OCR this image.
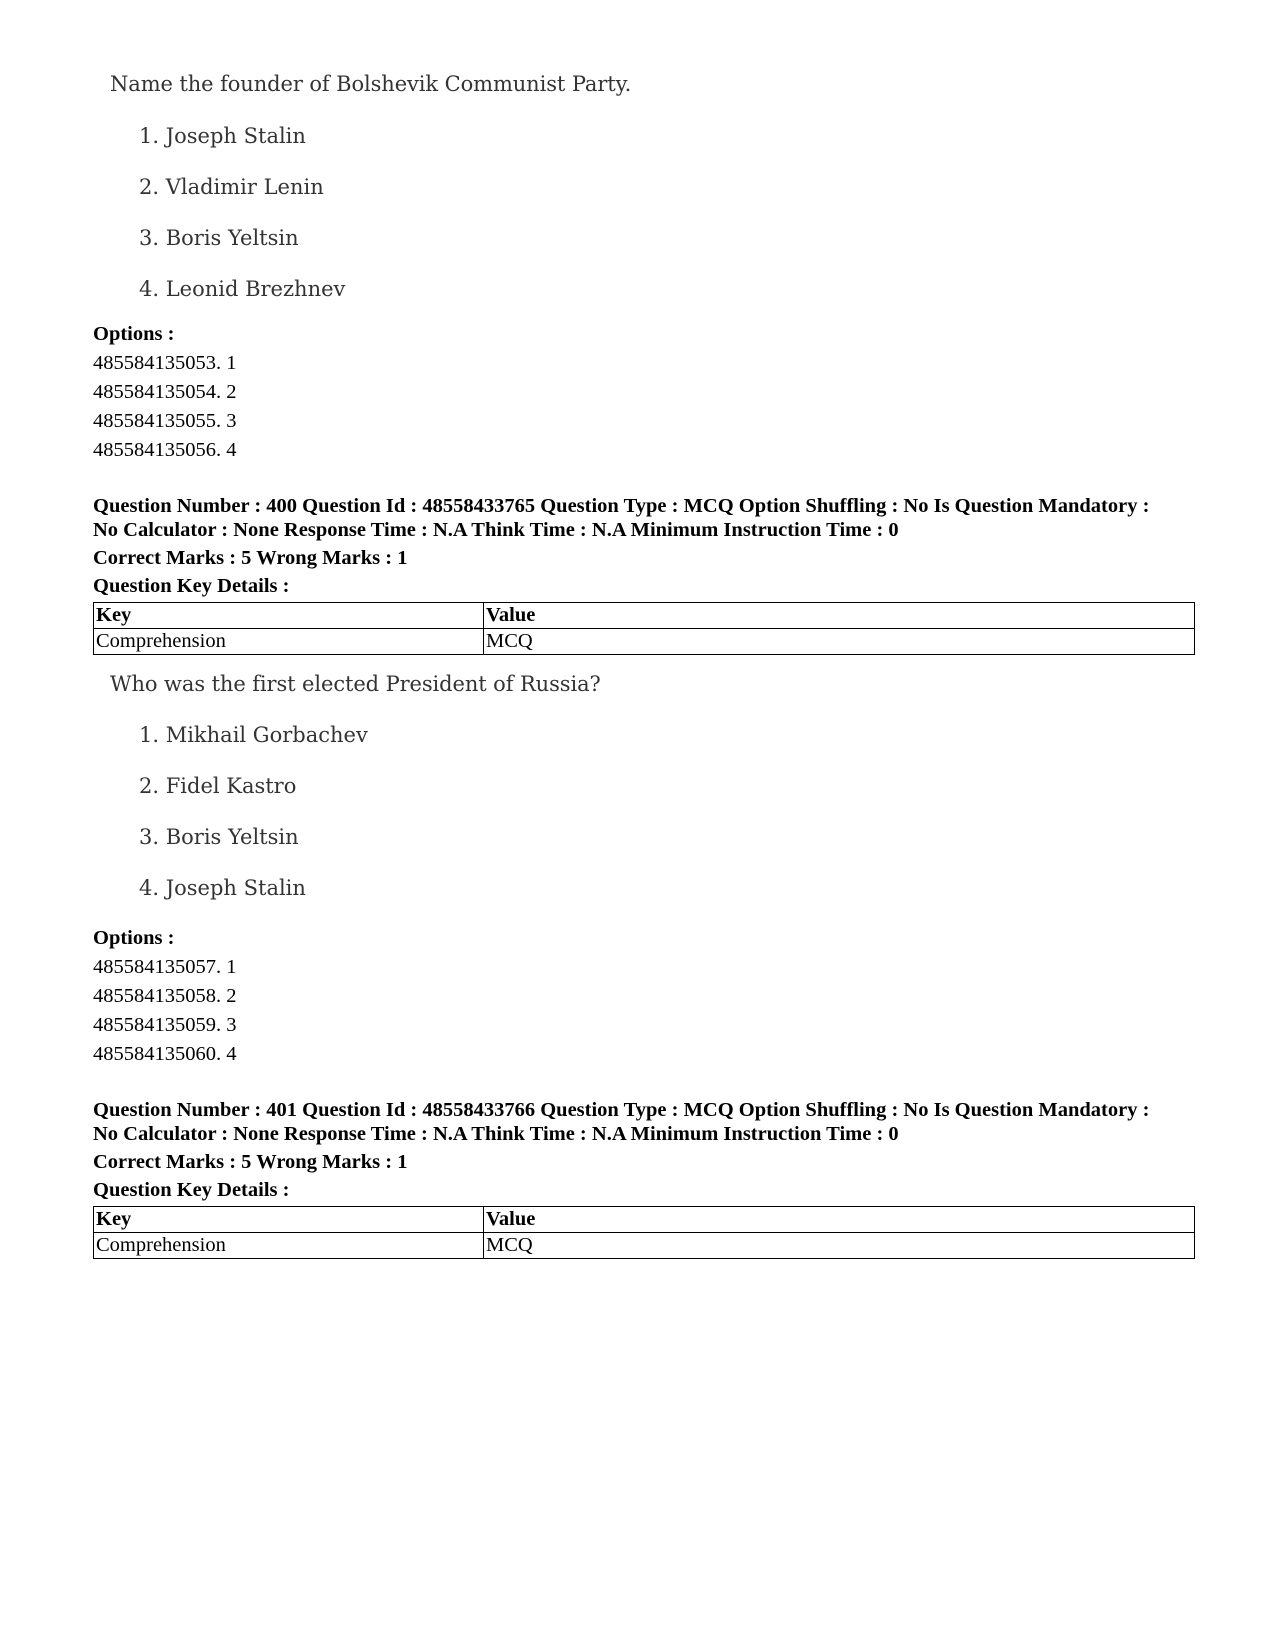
Name the founder of Bolshevik Communist Party.
1. Joseph Stalin
2. Vladimir Lenin
3. Boris Yeltsin
4. Leonid Brezhnev
Options :
485584135053. 1
485584135054. 2
485584135055. 3
485584135056. 4
Question Number : 400 Question Id : 48558433765 Question Type : MCQ Option Shuffling : No Is Question Mandatory :
No Calculator : None Response Time : N.A Think Time : N.A Minimum Instruction Time : 0
Correct Marks : 5 Wrong Marks : 1
Question Key Details :
Key	Value
Comprehension	MCQ
Who was the first elected President of Russia?
1. Mikhail Gorbachev
2. Fidel Kastro
3. Boris Yeltsin
4. Joseph Stalin
Options :
485584135057. 1
485584135058. 2
485584135059. 3
485584135060. 4
Question Number : 401 Question Id : 48558433766 Question Type : MCQ Option Shuffling : No Is Question Mandatory :
No Calculator : None Response Time : N.A Think Time : N.A Minimum Instruction Time : 0
Correct Marks : 5 Wrong Marks : 1
Question Key Details :
Key	Value
Comprehension	MCQ
